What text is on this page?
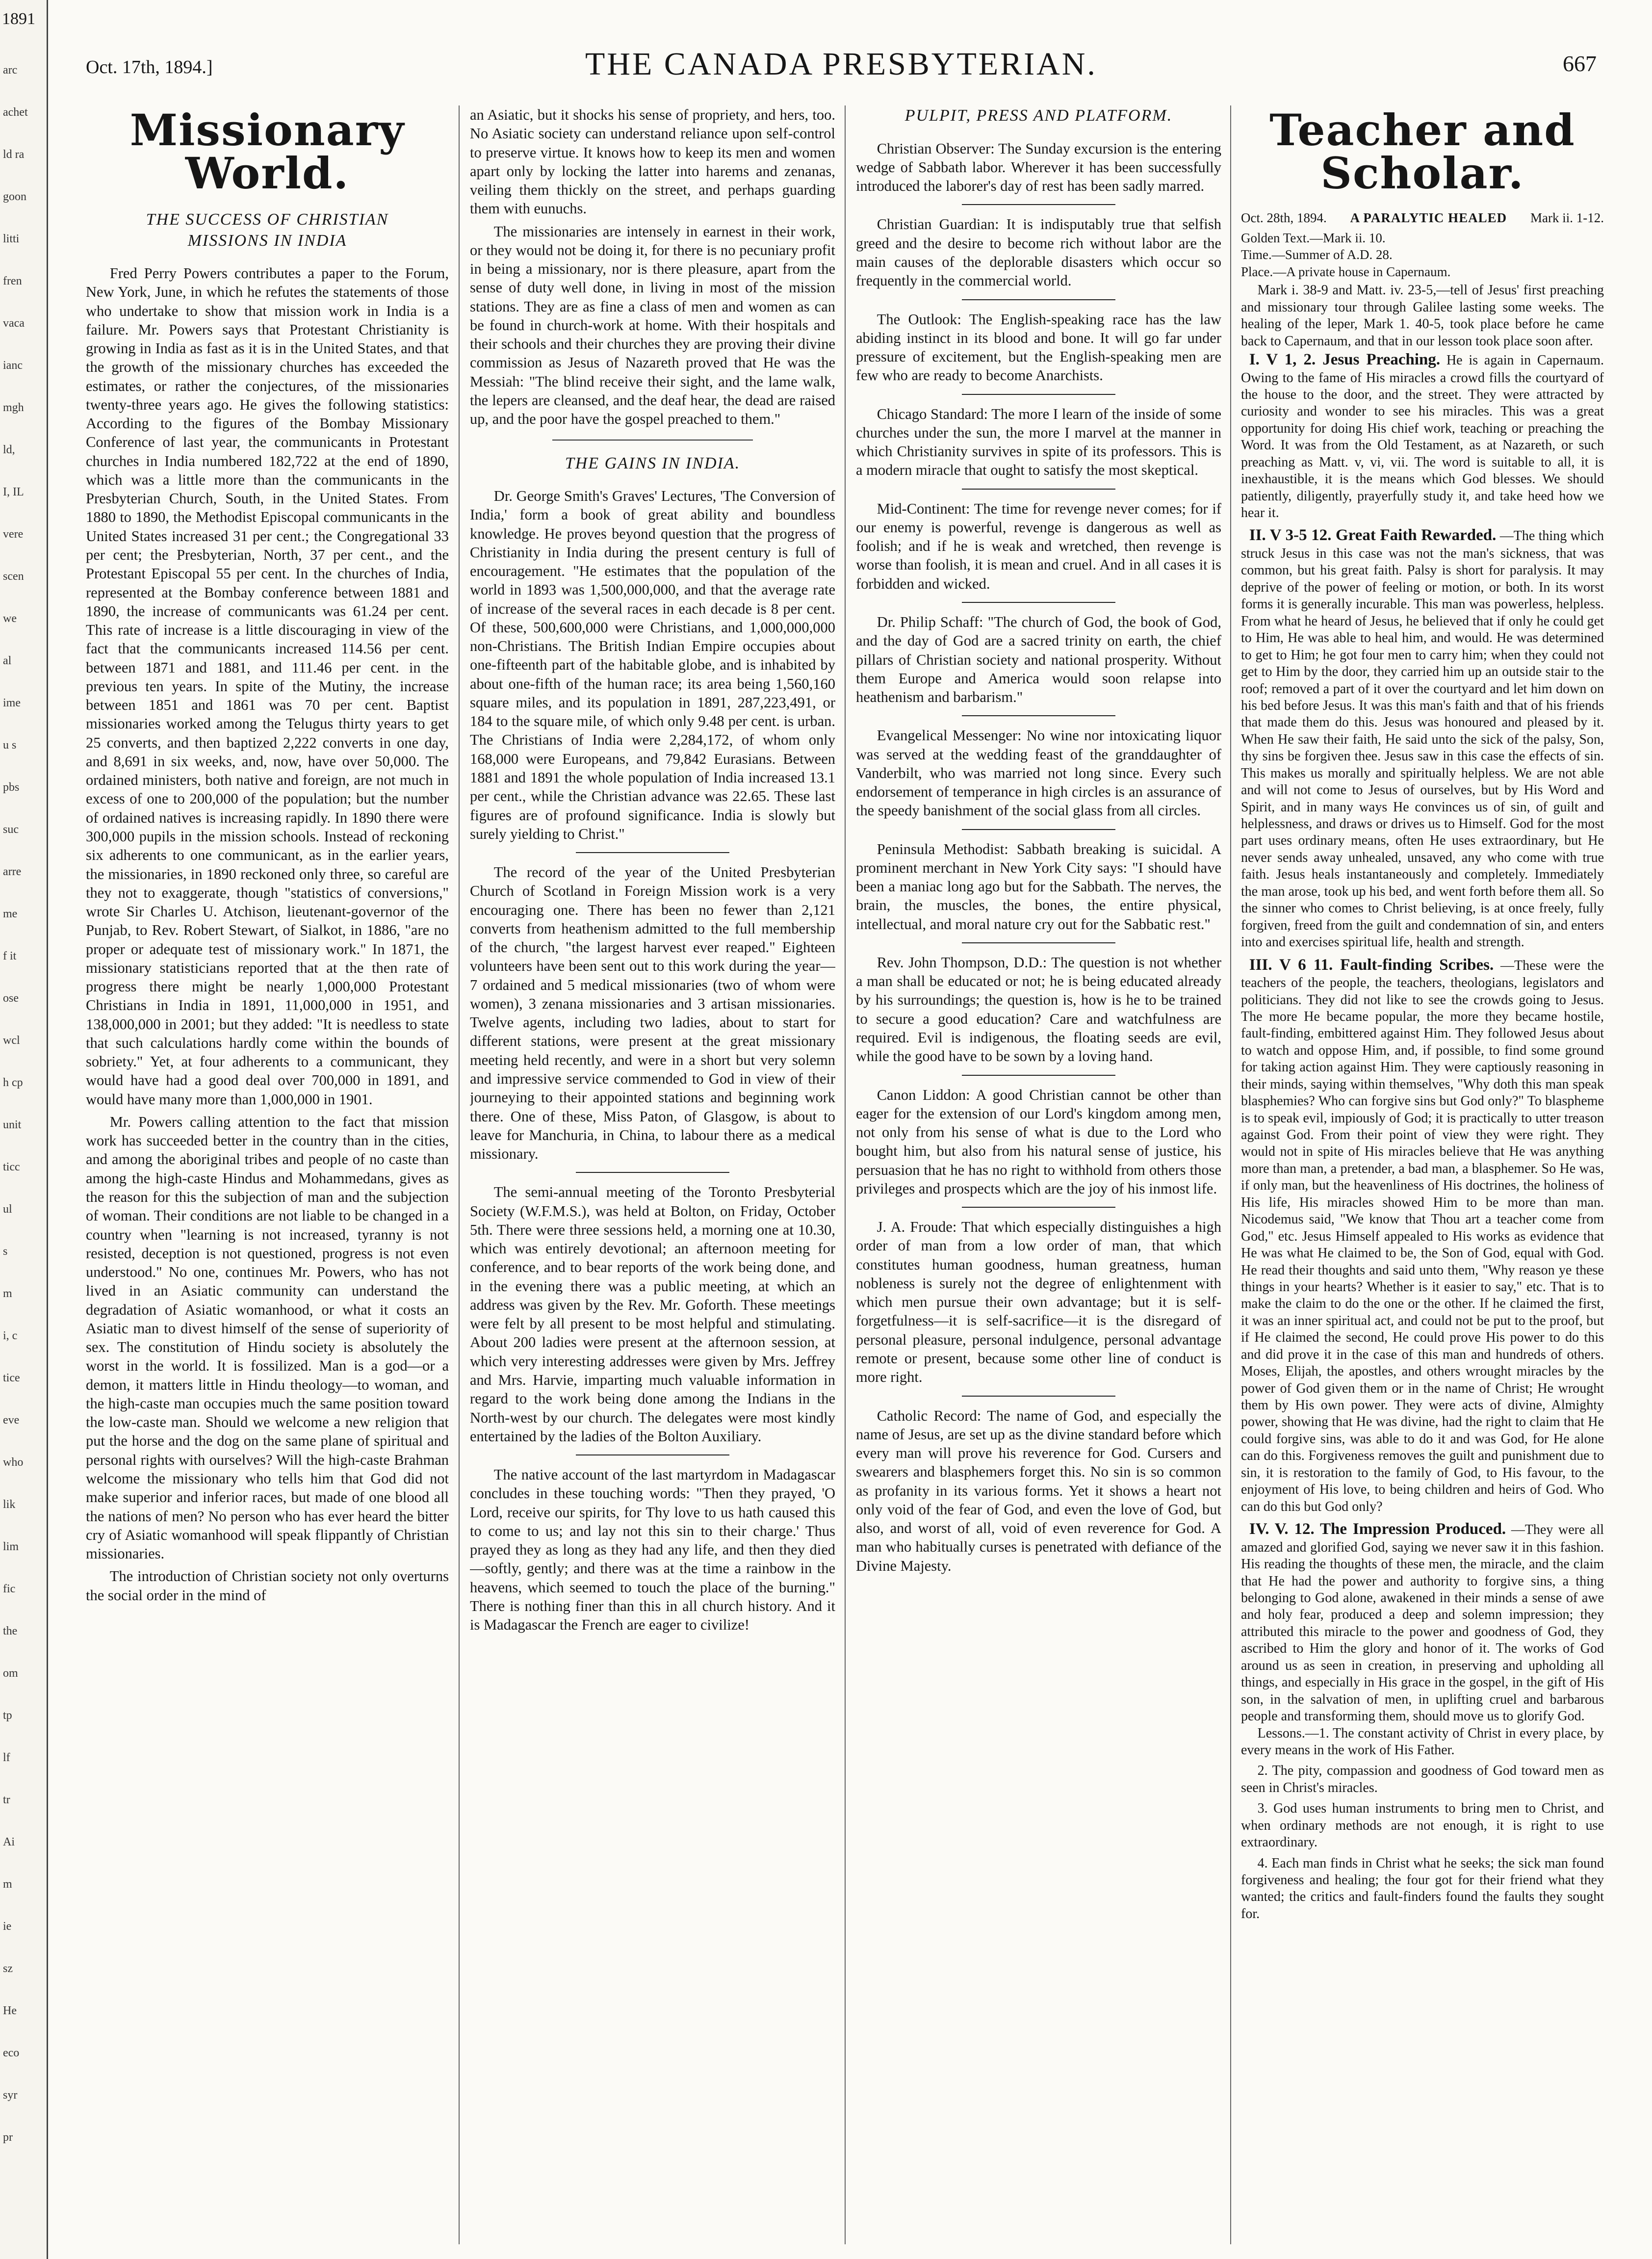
1891
arc
achet
ld ra
goon
litti
fren
vaca
ianc
mgh
ld,
I, IL
vere
scen
we
al
ime
u s
pbs
suc
arre
me
f it
ose
wcl
h cp
unit
ticc
ul
s
m
i, c
tice
eve
who
lik
lim
fic
the
om
tp
lf
tr
Ai
m
ie
sz
He
eco
syr
pr
Oct. 17th, 1894.]	THE CANADA PRESBYTERIAN.	667
Missionary World.
THE SUCCESS OF CHRISTIAN MISSIONS IN INDIA

Fred Perry Powers contributes a paper to the Forum, New York, June, in which he refutes the statements of those who undertake to show that mission work in India is a failure. Mr. Powers says that Protestant Christianity is growing in India as fast as it is in the United States, and that the growth of the missionary churches has exceeded the estimates, or rather the conjectures, of the missionaries twenty-three years ago. He gives the following statistics: According to the figures of the Bombay Missionary Conference of last year, the communicants in Protestant churches in India numbered 182,722 at the end of 1890, which was a little more than the communicants in the Presbyterian Church, South, in the United States. From 1880 to 1890, the Methodist Episcopal communicants in the United States increased 31 per cent.; the Congregational 33 per cent; the Presbyterian, North, 37 per cent., and the Protestant Episcopal 55 per cent. In the churches of India, represented at the Bombay conference between 1881 and 1890, the increase of communicants was 61.24 per cent. This rate of increase is a little discouraging in view of the fact that the communicants increased 114.56 per cent. between 1871 and 1881, and 111.46 per cent. in the previous ten years. In spite of the Mutiny, the increase between 1851 and 1861 was 70 per cent. Baptist missionaries worked among the Telugus thirty years to get 25 converts, and then baptized 2,222 converts in one day, and 8,691 in six weeks, and, now, have over 50,000. The ordained ministers, both native and foreign, are not much in excess of one to 200,000 of the population; but the number of ordained natives is increasing rapidly. In 1890 there were 300,000 pupils in the mission schools. Instead of reckoning six adherents to one communicant, as in the earlier years, the missionaries, in 1890 reckoned only three, so careful are they not to exaggerate, though "statistics of conversions," wrote Sir Charles U. Atchison, lieutenant-governor of the Punjab, to Rev. Robert Stewart, of Sialkot, in 1886, "are no proper or adequate test of missionary work." In 1871, the missionary statisticians reported that at the then rate of progress there might be nearly 1,000,000 Protestant Christians in India in 1891, 11,000,000 in 1951, and 138,000,000 in 2001; but they added: "It is needless to state that such calculations hardly come within the bounds of sobriety." Yet, at four adherents to a communicant, they would have had a good deal over 700,000 in 1891, and would have many more than 1,000,000 in 1901.

Mr. Powers calling attention to the fact that mission work has succeeded better in the country than in the cities, and among the aboriginal tribes and people of no caste than among the high-caste Hindus and Mohammedans, gives as the reason for this the subjection of man and the subjection of woman. Their conditions are not liable to be changed in a country when "learning is not increased, tyranny is not resisted, deception is not questioned, progress is not even understood." No one, continues Mr. Powers, who has not lived in an Asiatic community can understand the degradation of Asiatic womanhood, or what it costs an Asiatic man to divest himself of the sense of superiority of sex. The constitution of Hindu society is absolutely the worst in the world. It is fossilized. Man is a god—or a demon, it matters little in Hindu theology—to woman, and the high-caste man occupies much the same position toward the low-caste man. Should we welcome a new religion that put the horse and the dog on the same plane of spiritual and personal rights with ourselves? Will the high-caste Brahman welcome the missionary who tells him that God did not make superior and inferior races, but made of one blood all the nations of men? No person who has ever heard the bitter cry of Asiatic womanhood will speak flippantly of Christian missionaries.

The introduction of Christian society not only overturns the social order in the mind of

an Asiatic, but it shocks his sense of propriety, and hers, too. No Asiatic society can understand reliance upon self-control to preserve virtue. It knows how to keep its men and women apart only by locking the latter into harems and zenanas, veiling them thickly on the street, and perhaps guarding them with eunuchs.

The missionaries are intensely in earnest in their work, or they would not be doing it, for there is no pecuniary profit in being a missionary, nor is there pleasure, apart from the sense of duty well done, in living in most of the mission stations. They are as fine a class of men and women as can be found in church-work at home. With their hospitals and their schools and their churches they are proving their divine commission as Jesus of Nazareth proved that He was the Messiah: "The blind receive their sight, and the lame walk, the lepers are cleansed, and the deaf hear, the dead are raised up, and the poor have the gospel preached to them."

THE GAINS IN INDIA.

Dr. George Smith's Graves' Lectures, 'The Conversion of India,' form a book of great ability and boundless knowledge. He proves beyond question that the progress of Christianity in India during the present century is full of encouragement. "He estimates that the population of the world in 1893 was 1,500,000,000, and that the average rate of increase of the several races in each decade is 8 per cent. Of these, 500,600,000 were Christians, and 1,000,000,000 non-Christians. The British Indian Empire occupies about one-fifteenth part of the habitable globe, and is inhabited by about one-fifth of the human race; its area being 1,560,160 square miles, and its population in 1891, 287,223,491, or 184 to the square mile, of which only 9.48 per cent. is urban. The Christians of India were 2,284,172, of whom only 168,000 were Europeans, and 79,842 Eurasians. Between 1881 and 1891 the whole population of India increased 13.1 per cent., while the Christian advance was 22.65. These last figures are of profound significance. India is slowly but surely yielding to Christ."

The record of the year of the United Presbyterian Church of Scotland in Foreign Mission work is a very encouraging one. There has been no fewer than 2,121 converts from heathenism admitted to the full membership of the church, "the largest harvest ever reaped." Eighteen volunteers have been sent out to this work during the year—7 ordained and 5 medical missionaries (two of whom were women), 3 zenana missionaries and 3 artisan missionaries. Twelve agents, including two ladies, about to start for different stations, were present at the great missionary meeting held recently, and were in a short but very solemn and impressive service commended to God in view of their journeying to their appointed stations and beginning work there. One of these, Miss Paton, of Glasgow, is about to leave for Manchuria, in China, to labour there as a medical missionary.

The semi-annual meeting of the Toronto Presbyterial Society (W.F.M.S.), was held at Bolton, on Friday, October 5th. There were three sessions held, a morning one at 10.30, which was entirely devotional; an afternoon meeting for conference, and to bear reports of the work being done, and in the evening there was a public meeting, at which an address was given by the Rev. Mr. Goforth. These meetings were felt by all present to be most helpful and stimulating. About 200 ladies were present at the afternoon session, at which very interesting addresses were given by Mrs. Jeffrey and Mrs. Harvie, imparting much valuable information in regard to the work being done among the Indians in the North-west by our church. The delegates were most kindly entertained by the ladies of the Bolton Auxiliary.

The native account of the last martyrdom in Madagascar concludes in these touching words: "Then they prayed, 'O Lord, receive our spirits, for Thy love to us hath caused this to come to us; and lay not this sin to their charge.' Thus prayed they as long as they had any life, and then they died—softly, gently; and there was at the time a rainbow in the heavens, which seemed to touch the place of the burning." There is nothing finer than this in all church history. And it is Madagascar the French are eager to civilize!

PULPIT, PRESS AND PLATFORM.

Christian Observer: The Sunday excursion is the entering wedge of Sabbath labor. Wherever it has been successfully introduced the laborer's day of rest has been sadly marred.

Christian Guardian: It is indisputably true that selfish greed and the desire to become rich without labor are the main causes of the deplorable disasters which occur so frequently in the commercial world.

The Outlook: The English-speaking race has the law abiding instinct in its blood and bone. It will go far under pressure of excitement, but the English-speaking men are few who are ready to become Anarchists.

Chicago Standard: The more I learn of the inside of some churches under the sun, the more I marvel at the manner in which Christianity survives in spite of its professors. This is a modern miracle that ought to satisfy the most skeptical.

Mid-Continent: The time for revenge never comes; for if our enemy is powerful, revenge is dangerous as well as foolish; and if he is weak and wretched, then revenge is worse than foolish, it is mean and cruel. And in all cases it is forbidden and wicked.

Dr. Philip Schaff: "The church of God, the book of God, and the day of God are a sacred trinity on earth, the chief pillars of Christian society and national prosperity. Without them Europe and America would soon relapse into heathenism and barbarism."

Evangelical Messenger: No wine nor intoxicating liquor was served at the wedding feast of the granddaughter of Vanderbilt, who was married not long since. Every such endorsement of temperance in high circles is an assurance of the speedy banishment of the social glass from all circles.

Peninsula Methodist: Sabbath breaking is suicidal. A prominent merchant in New York City says: "I should have been a maniac long ago but for the Sabbath. The nerves, the brain, the muscles, the bones, the entire physical, intellectual, and moral nature cry out for the Sabbatic rest."

Rev. John Thompson, D.D.: The question is not whether a man shall be educated or not; he is being educated already by his surroundings; the question is, how is he to be trained to secure a good education? Care and watchfulness are required. Evil is indigenous, the floating seeds are evil, while the good have to be sown by a loving hand.

Canon Liddon: A good Christian cannot be other than eager for the extension of our Lord's kingdom among men, not only from his sense of what is due to the Lord who bought him, but also from his natural sense of justice, his persuasion that he has no right to withhold from others those privileges and prospects which are the joy of his inmost life.

J. A. Froude: That which especially distinguishes a high order of man from a low order of man, that which constitutes human goodness, human greatness, human nobleness is surely not the degree of enlightenment with which men pursue their own advantage; but it is self-forgetfulness—it is self-sacrifice—it is the disregard of personal pleasure, personal indulgence, personal advantage remote or present, because some other line of conduct is more right.

Catholic Record: The name of God, and especially the name of Jesus, are set up as the divine standard before which every man will prove his reverence for God. Cursers and swearers and blasphemers forget this. No sin is so common as profanity in its various forms. Yet it shows a heart not only void of the fear of God, and even the love of God, but also, and worst of all, void of even reverence for God. A man who habitually curses is penetrated with defiance of the Divine Majesty.

Teacher and Scholar.
Oct. 28th, 1894. A PARALYTIC HEALED Mark ii. 1-12.
Golden Text.—Mark ii. 10.
Time.—Summer of A.D. 28.
Place.—A private house in Capernaum.

Mark i. 38-9 and Matt. iv. 23-5,—tell of Jesus' first preaching and missionary tour through Galilee lasting some weeks. The healing of the leper, Mark 1. 40-5, took place before he came back to Capernaum, and that in our lesson took place soon after.

I. V 1, 2. Jesus Preaching. He is again in Capernaum. Owing to the fame of His miracles a crowd fills the courtyard of the house to the door, and the street. They were attracted by curiosity and wonder to see his miracles. This was a great opportunity for doing His chief work, teaching or preaching the Word. It was from the Old Testament, as at Nazareth, or such preaching as Matt. v, vi, vii. The word is suitable to all, it is inexhaustible, it is the means which God blesses. We should patiently, diligently, prayerfully study it, and take heed how we hear it.

II. V 3-5 12. Great Faith Rewarded. —The thing which struck Jesus in this case was not the man's sickness, that was common, but his great faith. Palsy is short for paralysis. It may deprive of the power of feeling or motion, or both. In its worst forms it is generally incurable. This man was powerless, helpless. From what he heard of Jesus, he believed that if only he could get to Him, He was able to heal him, and would. He was determined to get to Him; he got four men to carry him; when they could not get to Him by the door, they carried him up an outside stair to the roof; removed a part of it over the courtyard and let him down on his bed before Jesus. It was this man's faith and that of his friends that made them do this. Jesus was honoured and pleased by it. When He saw their faith, He said unto the sick of the palsy, Son, thy sins be forgiven thee. Jesus saw in this case the effects of sin. This makes us morally and spiritually helpless. We are not able and will not come to Jesus of ourselves, but by His Word and Spirit, and in many ways He convinces us of sin, of guilt and helplessness, and draws or drives us to Himself. God for the most part uses ordinary means, often He uses extraordinary, but He never sends away unhealed, unsaved, any who come with true faith. Jesus heals instantaneously and completely. Immediately the man arose, took up his bed, and went forth before them all. So the sinner who comes to Christ believing, is at once freely, fully forgiven, freed from the guilt and condemnation of sin, and enters into and exercises spiritual life, health and strength.

III. V 6 11. Fault-finding Scribes. —These were the teachers of the people, the teachers, theologians, legislators and politicians. They did not like to see the crowds going to Jesus. The more He became popular, the more they became hostile, fault-finding, embittered against Him. They followed Jesus about to watch and oppose Him, and, if possible, to find some ground for taking action against Him. They were captiously reasoning in their minds, saying within themselves, "Why doth this man speak blasphemies? Who can forgive sins but God only?" To blaspheme is to speak evil, impiously of God; it is practically to utter treason against God. From their point of view they were right. They would not in spite of His miracles believe that He was anything more than man, a pretender, a bad man, a blasphemer. So He was, if only man, but the heavenliness of His doctrines, the holiness of His life, His miracles showed Him to be more than man. Nicodemus said, "We know that Thou art a teacher come from God," etc. Jesus Himself appealed to His works as evidence that He was what He claimed to be, the Son of God, equal with God. He read their thoughts and said unto them, "Why reason ye these things in your hearts? Whether is it easier to say," etc. That is to make the claim to do the one or the other. If he claimed the first, it was an inner spiritual act, and could not be put to the proof, but if He claimed the second, He could prove His power to do this and did prove it in the case of this man and hundreds of others. Moses, Elijah, the apostles, and others wrought miracles by the power of God given them or in the name of Christ; He wrought them by His own power. They were acts of divine, Almighty power, showing that He was divine, had the right to claim that He could forgive sins, was able to do it and was God, for He alone can do this. Forgiveness removes the guilt and punishment due to sin, it is restoration to the family of God, to His favour, to the enjoyment of His love, to being children and heirs of God. Who can do this but God only?

IV. V. 12. The Impression Produced. —They were all amazed and glorified God, saying we never saw it in this fashion. His reading the thoughts of these men, the miracle, and the claim that He had the power and authority to forgive sins, a thing belonging to God alone, awakened in their minds a sense of awe and holy fear, produced a deep and solemn impression; they attributed this miracle to the power and goodness of God, they ascribed to Him the glory and honor of it. The works of God around us as seen in creation, in preserving and upholding all things, and especially in His grace in the gospel, in the gift of His son, in the salvation of men, in uplifting cruel and barbarous people and transforming them, should move us to glorify God.

Lessons.—1. The constant activity of Christ in every place, by every means in the work of His Father.

2. The pity, compassion and goodness of God toward men as seen in Christ's miracles.

3. God uses human instruments to bring men to Christ, and when ordinary methods are not enough, it is right to use extraordinary.

4. Each man finds in Christ what he seeks; the sick man found forgiveness and healing; the four got for their friend what they wanted; the critics and fault-finders found the faults they sought for.
